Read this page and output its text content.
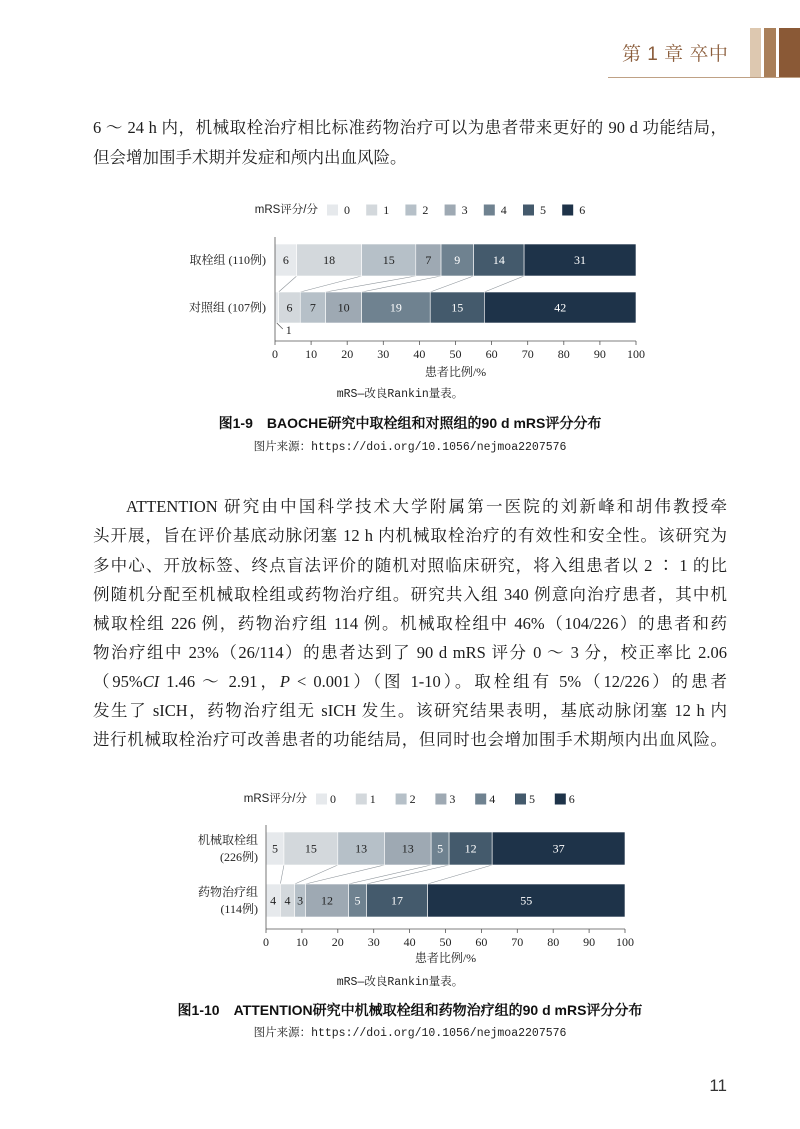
第 1 章 卒中
6 ～ 24 h 内，机械取栓治疗相比标准药物治疗可以为患者带来更好的 90 d 功能结局，
但会增加围手术期并发症和颅内出血风险。
mRS评分/分 0	1	2	3	4	5	6
6	18	15	7 9	14	31
1
6 7 10	19	15	42
0 10 20 30 40 50 60 70 80 90 100
患者比例/%
取栓组 (110例)
对照组 (107例)
mRS—改良Rankin量表。
图1-9　BAOCHE研究中取栓组和对照组的90 d mRS评分分布
图片来源：https://doi.org/10.1056/nejmoa2207576
ATTENTION 研究由中国科学技术大学附属第一医院的刘新峰和胡伟教授牵
头开展，旨在评价基底动脉闭塞 12 h 内机械取栓治疗的有效性和安全性。该研究为
多中心、开放标签、终点盲法评价的随机对照临床研究，将入组患者以 2 ∶ 1 的比
例随机分配至机械取栓组或药物治疗组。研究共入组 340 例意向治疗患者，其中机
械取栓组 226 例，药物治疗组 114 例。机械取栓组中 46%（104/226）的患者和药
物治疗组中 23%（26/114）的患者达到了 90 d mRS 评分 0 ～ 3 分，校正率比 2.06
（95%CI 1.46 ～ 2.91，P < 0.001）（图 1-10）。取栓组有 5%（12/226）的患者
发生了 sICH，药物治疗组无 sICH 发生。该研究结果表明，基底动脉闭塞 12 h 内
进行机械取栓治疗可改善患者的功能结局，但同时也会增加围手术期颅内出血风险。
mRS评分/分 0	1	2	3	4	5	6
5 15	13	13 5 12	37
4 4 3 12 5	17	55
0 10 20 30 40 50 60 70 80 90 100
患者比例/%
机械取栓组
(226例)
药物治疗组
(114例)
mRS—改良Rankin量表。
图1-10　ATTENTION研究中机械取栓组和药物治疗组的90 d mRS评分分布
图片来源：https://doi.org/10.1056/nejmoa2207576
11
